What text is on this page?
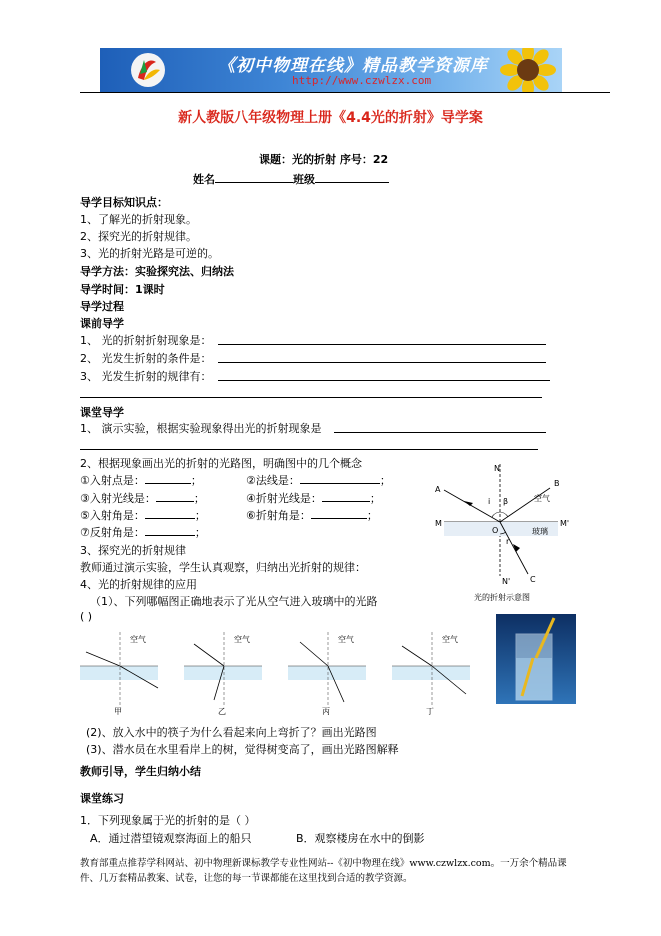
《初中物理在线》精品教学资源库
http://www.czwlzx.com
新人教版八年级物理上册《4.4光的折射》导学案
课题：光的折射 序号：22
姓名	班级
导学目标知识点：
1、了解光的折射现象。
2、探究光的折射规律。
3、光的折射光路是可逆的。
导学方法：实验探究法、归纳法
导学时间：1课时
导学过程
课前导学
1、 光的折射折射现象是：
2、 光发生折射的条件是：
3、 光发生折射的规律有：
课堂导学
1、 演示实验，根据实验现象得出光的折射现象是
2、根据现象画出光的折射的光路图，明确图中的几个概念
①入射点是：	；	②法线是：	；
③入射光线是：	；	④折射光线是：	；
⑤入射角是：	；	⑥折射角是：	；
⑦反射角是：	；
3、探究光的折射规律
教师通过演示实验，学生认真观察，归纳出光折射的规律：
4、光的折射规律的应用
（1）、下列哪幅图正确地表示了光从空气进入玻璃中的光路
( )
N
A
M	M'
O
N' C
B
i β
r
空气
玻璃
光的折射示意图
空气
甲
空气
乙
空气
丙
空气
丁
(2)、放入水中的筷子为什么看起来向上弯折了？画出光路图
(3)、潜水员在水里看岸上的树，觉得树变高了，画出光路图解释
教师引导，学生归纳小结
课堂练习
1．下列现象属于光的折射的是（ ）
A．通过潜望镜观察海面上的船只	B．观察楼房在水中的倒影
教育部重点推荐学科网站、初中物理新课标教学专业性网站--《初中物理在线》www.czwlzx.com。一万余个精品课
件、几万套精品教案、试卷，让您的每一节课都能在这里找到合适的教学资源。
